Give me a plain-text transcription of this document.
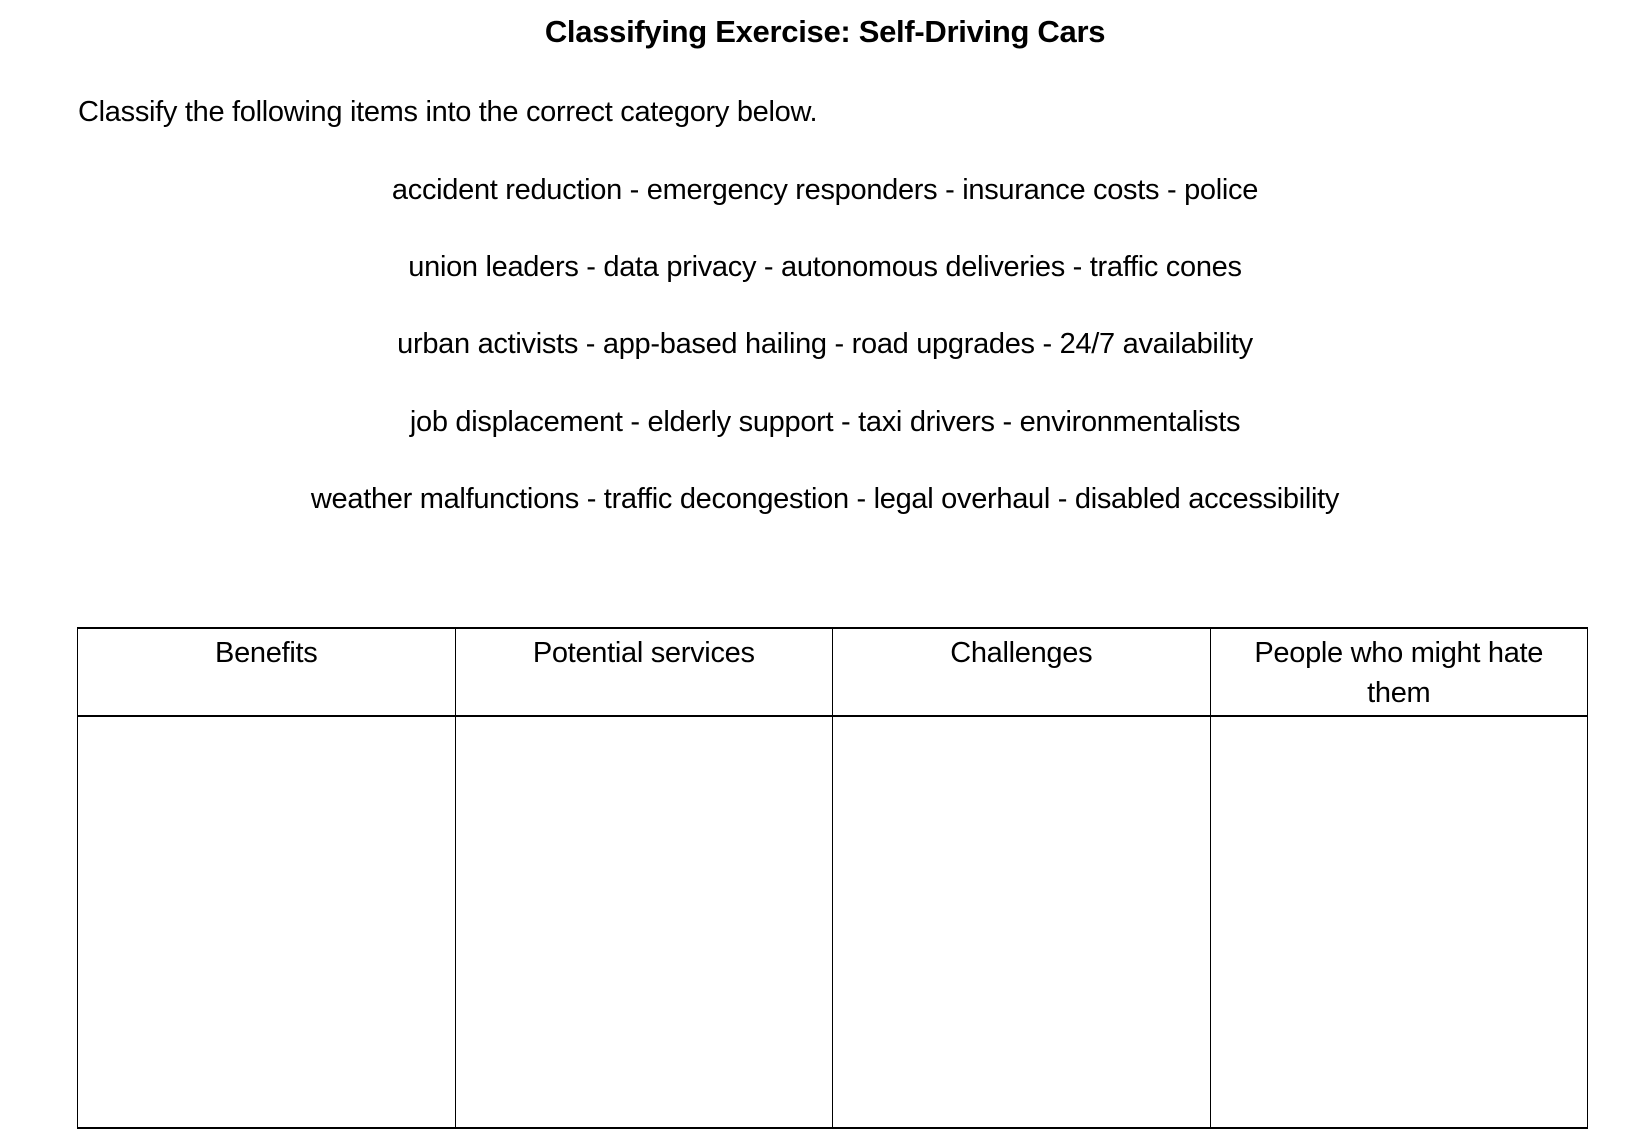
Classifying Exercise: Self-Driving Cars
Classify the following items into the correct category below.
accident reduction - emergency responders - insurance costs - police
union leaders - data privacy - autonomous deliveries - traffic cones
urban activists - app-based hailing - road upgrades - 24/7 availability
job displacement - elderly support - taxi drivers - environmentalists
weather malfunctions - traffic decongestion - legal overhaul - disabled accessibility
Benefits	Potential services	Challenges	People who might hate them
